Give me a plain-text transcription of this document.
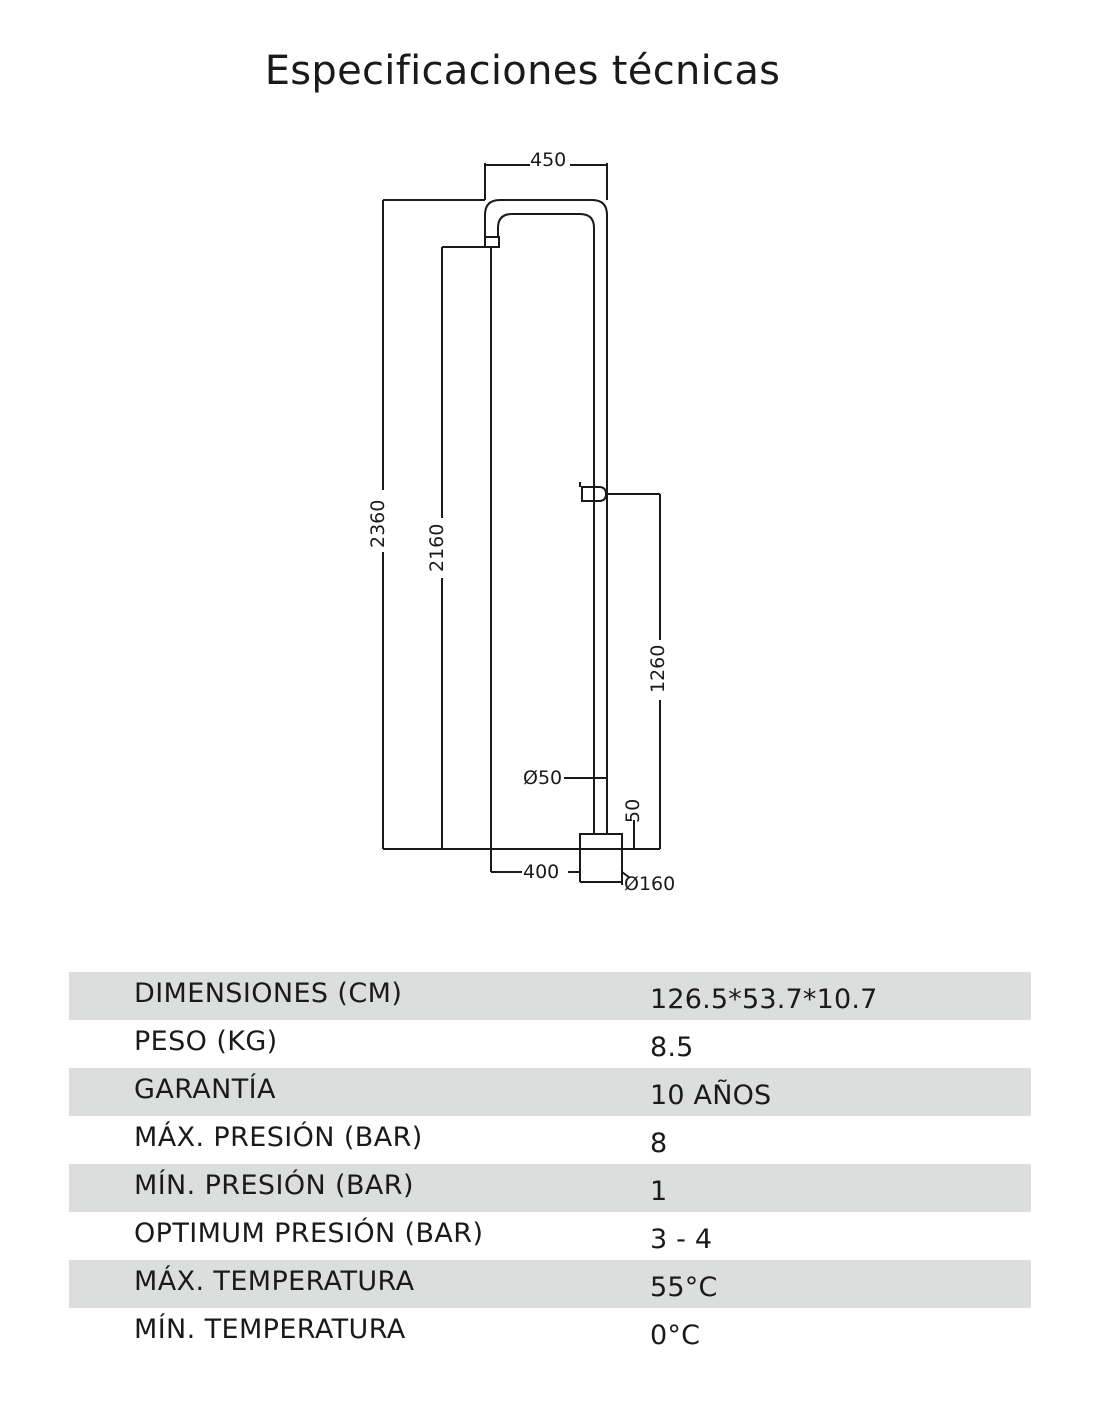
Especificaciones técnicas
450
2360 2160
1260
Ø50
50
400
Ø160
DIMENSIONES (CM)	126.5*53.7*10.7
PESO (KG)	8.5
GARANTÍA	10 AÑOS
MÁX. PRESIÓN (BAR)	8
MÍN. PRESIÓN (BAR)	1
OPTIMUM PRESIÓN (BAR)	3 - 4
MÁX. TEMPERATURA	55°C
MÍN. TEMPERATURA	0°C
